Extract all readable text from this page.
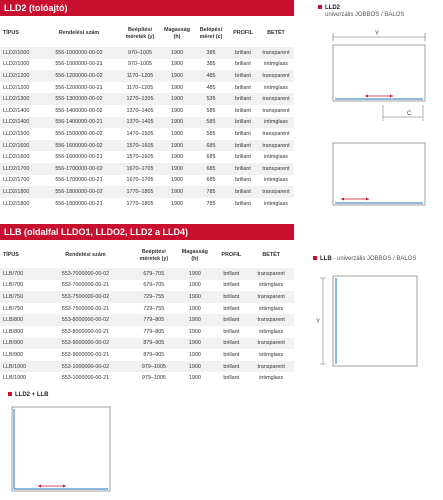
LLD2 (tolóajtó)
TÍPUS	Rendelési szám	Beépítési
méretek (y)	Magasság
(h)	Belépési
méret (c)	PROFIL	BETÉT
LLD2/1000	556-1000000-00-02	970–1005	1900	385	brillant	transparent
LLD2/1000	556-1000000-00-21	970–1005	1900	385	brillant	intimglass
LLD2/1200	556-1200000-00-02	1170–1205	1900	485	brillant	transparent
LLD2/1200	556-1200000-00-21	1170–1205	1900	485	brillant	intimglass
LLD2/1300	556-1300000-00-02	1270–1305	1900	535	brillant	transparent
LLD2/1400	556-1400000-00-02	1370–1405	1900	585	brillant	transparent
LLD2/1400	556-1400000-00-21	1370–1405	1900	585	brillant	intimglass
LLD2/1500	556-1500000-00-02	1470–1505	1900	585	brillant	transparent
LLD2/1600	556-1600000-00-02	1570–1605	1900	685	brillant	transparent
LLD2/1600	556-1600000-00-21	1570–1605	1900	685	brillant	intimglass
LLD2/1700	556-1700000-00-02	1670–1705	1900	685	brillant	transparent
LLD2/1700	556-1700000-00-21	1670–1705	1900	685	brillant	intimglass
LLD2/1800	556-1800000-00-02	1770–1805	1900	785	brillant	transparent
LLD2/1800	556-1800000-00-21	1770–1805	1900	785	brillant	intimglass
LLB (oldalfal LLDO1, LLDO2, LLD2 a LLD4)
TÍPUS	Rendelési szám	Beépítési
méretek (y)	Magasság
(h)	PROFIL	BETÉT
LLB/700	553-7000000-00-02	679–705	1900	brillant	transparent
LLB/700	553-7000000-00-21	679–705	1900	brillant	intimglass
LLB/750	553-7500000-00-02	729–755	1900	brillant	transparent
LLB/750	553-7500000-00-21	729–755	1900	brillant	intimglass
LLB/800	553-8000000-00-02	779–805	1900	brillant	transparent
LLB/800	553-8000000-00-21	779–805	1900	brillant	intimglass
LLB/900	553-9000000-00-02	879–905	1900	brillant	transparent
LLB/900	553-9000000-00-21	879–905	1900	brillant	intimglass
LLB/1000	553-1000000-00-02	979–1005	1900	brillant	transparent
LLB/1000	553-1000000-00-21	979–1005	1900	brillant	intimglass
LLD2
univerzális JOBBOS / BALOS
Y
C
LLB - univerzális JOBBOS / BALOS
Y
LLD2 + LLB
